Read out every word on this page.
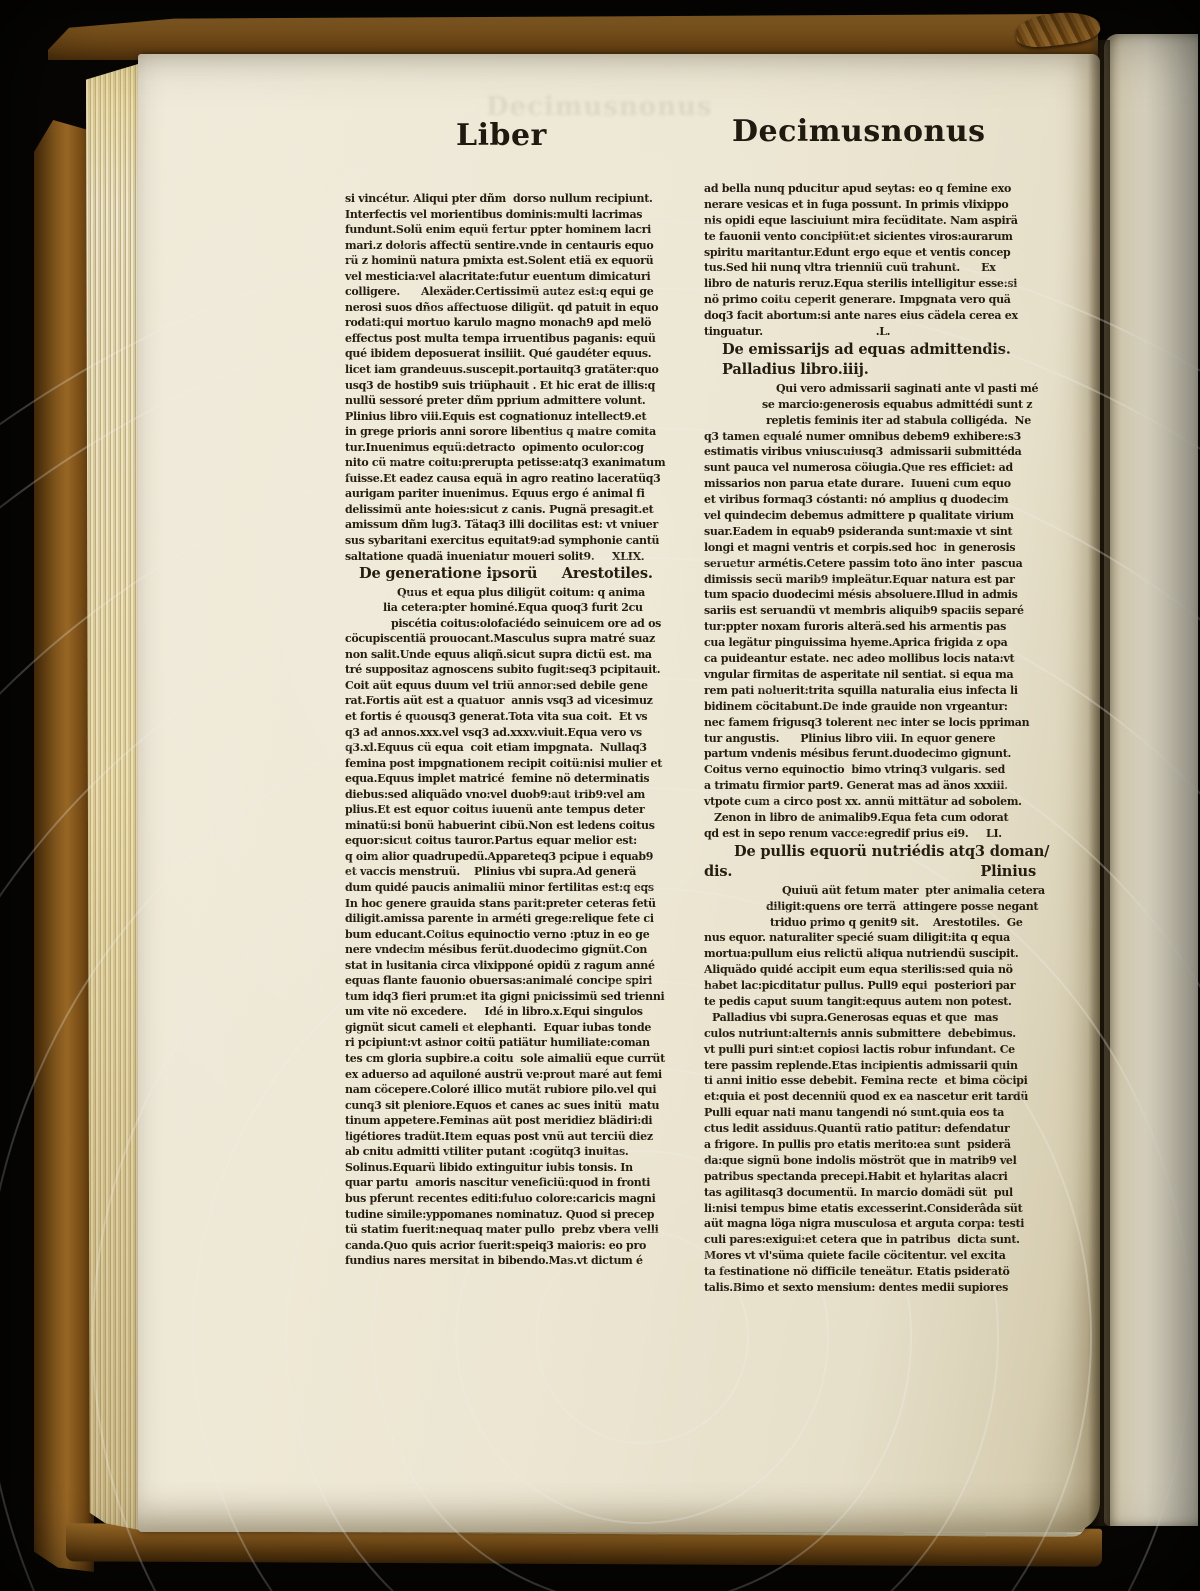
Decimusnonus
Liber	Decimusnonus
si vincétur. Aliqui pter dñm  dorso nullum recipiunt.
Interfectis vel morientibus dominis:multi lacrimas
fundunt.Solü enim equü fertur ppter hominem lacri
mari.z doloris affectü sentire.vnde in centauris equo
rü z hominü natura pmixta est.Solent etiä ex equorü
vel mesticia:vel alacritate:futur euentum dimicaturi
colligere.      Alexäder.Certissimü autez est:q equi ge
nerosi suos dños affectuose diligüt. qd patuit in equo
rodati:qui mortuo karulo magno monach9 apd melö
effectus post multa tempa irruentibus paganis: equü
qué ibidem deposuerat insiliit. Qué gaudéter equus.
licet iam grandeuus.suscepit.portauitq3 gratäter:quo
usq3 de hostib9 suis triüphauit . Et hic erat de illis:q
nullü sessoré preter dñm pprium admittere volunt.
Plinius libro viii.Equis est cognationuz intellect9.et
in grege prioris anni sorore libentius q matre comita
tur.Inuenimus equü:detracto  opimento oculor:cog
nito cü matre coitu:prerupta petisse:atq3 exanimatum
fuisse.Et eadez causa equä in agro reatino laceratüq3
aurigam pariter inuenimus. Equus ergo é animal fi
delissimü ante hoies:sicut z canis. Pugnä presagit.et
amissum dñm lug3. Tätaq3 illi docilitas est: vt vniuer
sus sybaritani exercitus equitat9:ad symphonie cantü
saltatione quadä inueniatur moueri solit9.     XLIX.
De generatione ipsorü     Arestotiles.
Quus et equa plus diligüt coitum: q anima
lia cetera:pter hominé.Equa quoq3 furit 2cu
piscétia coitus:olofaciédo seinuicem ore ad os
cöcupiscentiä prouocant.Masculus supra matré suaz
non salit.Unde equus aliqñ.sicut supra dictü est. ma
tré suppositaz agnoscens subito fugit:seq3 pcipitauit.
Coit aüt equus duum vel triü annor:sed debile gene
rat.Fortis aüt est a quatuor  annis vsq3 ad vicesimuz
et fortis é quousq3 generat.Tota vita sua coit.  Et vs
q3 ad annos.xxx.vel vsq3 ad.xxxv.viuit.Equa vero vs
q3.xl.Equus cü equa  coit etiam impgnata.  Nullaq3
femina post impgnationem recipit coitü:nisi mulier et
equa.Equus implet matricé  femine nö determinatis
diebus:sed aliquädo vno:vel duob9:aut trib9:vel am
plius.Et est equor coitus iuuenü ante tempus deter
minatü:si bonü habuerint cibü.Non est ledens coitus
equor:sicut coitus tauror.Partus equar melior est:
q oim alior quadrupedü.Appareteq3 pcipue i equab9
et vaccis menstruü.    Plinius vbi supra.Ad generä
dum quidé paucis animaliü minor fertilitas est:q eqs
In hoc genere grauida stans parit:preter ceteras fetü
diligit.amissa parente in arméti grege:relique fete ci
bum educant.Coitus equinoctio verno :ptuz in eo ge
nere vndecim mésibus ferüt.duodecimo gignüt.Con
stat in lusitania circa vlixipponé opidü z ragum anné
equas flante fauonio obuersas:animalé concipe spiri
tum idq3 fieri prum:et ita gigni pnicissimü sed trienni
um vite nö excedere.     Idé in libro.x.Equi singulos
gignüt sicut cameli et elephanti.  Equar iubas tonde
ri pcipiunt:vt asinor coitü patiätur humiliate:coman
tes cm gloria supbire.a coitu  sole aimaliü eque currüt
ex aduerso ad aquiloné austrü ve:prout maré aut femi
nam cöcepere.Coloré illico mutät rubiore pilo.vel qui
cunq3 sit pleniore.Equos et canes ac sues initü  matu
tinum appetere.Feminas aüt post meridiez blädiri:di
ligétiores tradüt.Item equas post vnü aut terciü diez
ab cnitu admitti vtiliter putant :cogütq3 inuitas.
Solinus.Equarü libido extinguitur iubis tonsis. In
quar partu  amoris nascitur veneficiü:quod in fronti
bus pferunt recentes editi:fuluo colore:caricis magni
tudine simile:yppomanes nominatuz. Quod si precep
tü statim fuerit:nequaq mater pullo  prebz vbera velli
canda.Quo quis acrior fuerit:speiq3 maioris: eo pro
fundius nares mersitat in bibendo.Mas.vt dictum é
ad bella nunq pducitur apud seytas: eo q femine exo
nerare vesicas et in fuga possunt. In primis vlixippo
nis opidi eque lasciuiunt mira fecüditate. Nam aspirä
te fauonii vento concipiüt:et sicientes viros:aurarum
spiritu maritantur.Edunt ergo eque et ventis concep
tus.Sed hii nunq vltra trienniü cuü trahunt.      Ex
libro de naturis reruz.Equa sterilis intelligitur esse:si
nö primo coitu ceperit generare. Impgnata vero quä
doq3 facit abortum:si ante nares eius cädela cerea ex
tinguatur.                                .L.
De emissarijs ad equas admittendis.
Palladius libro.iiij.
Qui vero admissarii saginati ante vl pasti mé
se marcio:generosis equabus admittédi sunt z
repletis feminis iter ad stabula colligéda.  Ne
q3 tamen equalé numer omnibus debem9 exhibere:s3
estimatis viribus vniuscuiusq3  admissarii submittéda
sunt pauca vel numerosa cöiugia.Que res efficiet: ad
missarios non parua etate durare.  Iuueni cum equo
et viribus formaq3 cóstanti: nó amplius q duodecim
vel quindecim debemus admittere p qualitate virium
suar.Eadem in equab9 psideranda sunt:maxie vt sint
longi et magni ventris et corpis.sed hoc  in generosis
seruetur armétis.Cetere passim toto äno inter  pascua
dimissis secü marib9 impleätur.Equar natura est par
tum spacio duodecimi mésis absoluere.Illud in admis
sariis est seruandü vt membris aliquib9 spaciis separé
tur:ppter noxam furoris alterä.sed his armentis pas
cua legätur pinguissima hyeme.Aprica frigida z opa
ca puideantur estate. nec adeo mollibus locis nata:vt
vngular firmitas de asperitate nil sentiat. si equa ma
rem pati noluerit:trita squilla naturalia eius infecta li
bidinem cöcitabunt.De inde grauide non vrgeantur:
nec famem frigusq3 tolerent nec inter se locis ppriman
tur angustis.      Plinius libro viii. In equor genere
partum vndenis mésibus ferunt.duodecimo gignunt.
Coitus verno equinoctio  bimo vtrinq3 vulgaris. sed
a trimatu firmior part9. Generat mas ad änos xxxiii.
vtpote cum a circo post xx. annü mittätur ad sobolem.
Zenon in libro de animalib9.Equa feta cum odorat
qd est in sepo renum vacce:egredif prius ei9.     LI.
De pullis equorü nutriédis atq3 doman/
dis.	Plinius
Quiuü aüt fetum mater  pter animalia cetera
diligit:quens ore terrä  attingere posse negant
triduo primo q genit9 sit.    Arestotiles.  Ge
nus equor. naturaliter specié suam diligit:ita q equa
mortua:pullum eius relictü aliqua nutriendü suscipit.
Aliquädo quidé accipit eum equa sterilis:sed quia nö
habet lac:picditatur pullus. Pull9 equi  posteriori par
te pedis caput suum tangit:equus autem non potest.
Palladius vbi supra.Generosas equas et que  mas
culos nutriunt:alternis annis submittere  debebimus.
vt pulli puri sint:et copiosi lactis robur infundant. Ce
tere passim replende.Etas incipientis admissarii quin
ti anni initio esse debebit. Femina recte  et bima cöcipi
et:quia et post decenniü quod ex ea nascetur erit tardü
Pulli equar nati manu tangendi nó sunt.quia eos ta
ctus ledit assiduus.Quantü ratio patitur: defendatur
a frigore. In pullis pro etatis merito:ea sunt  psiderä
da:que signü bone indolis möströt que in matrib9 vel
patribus spectanda precepi.Habit et hylaritas alacri
tas agilitasq3 documentü. In marcio domädi süt  pul
li:nisi tempus bime etatis excesserint.Considerâda süt
aüt magna löga nigra musculosa et arguta corpa: testi
culi pares:exigui:et cetera que in patribus  dicta sunt.
Mores vt vl'süma quiete facile cöcitentur. vel excita
ta festinatione nö difficile teneätur. Etatis psideratö
talis.Bimo et sexto mensium: dentes medii supiores
